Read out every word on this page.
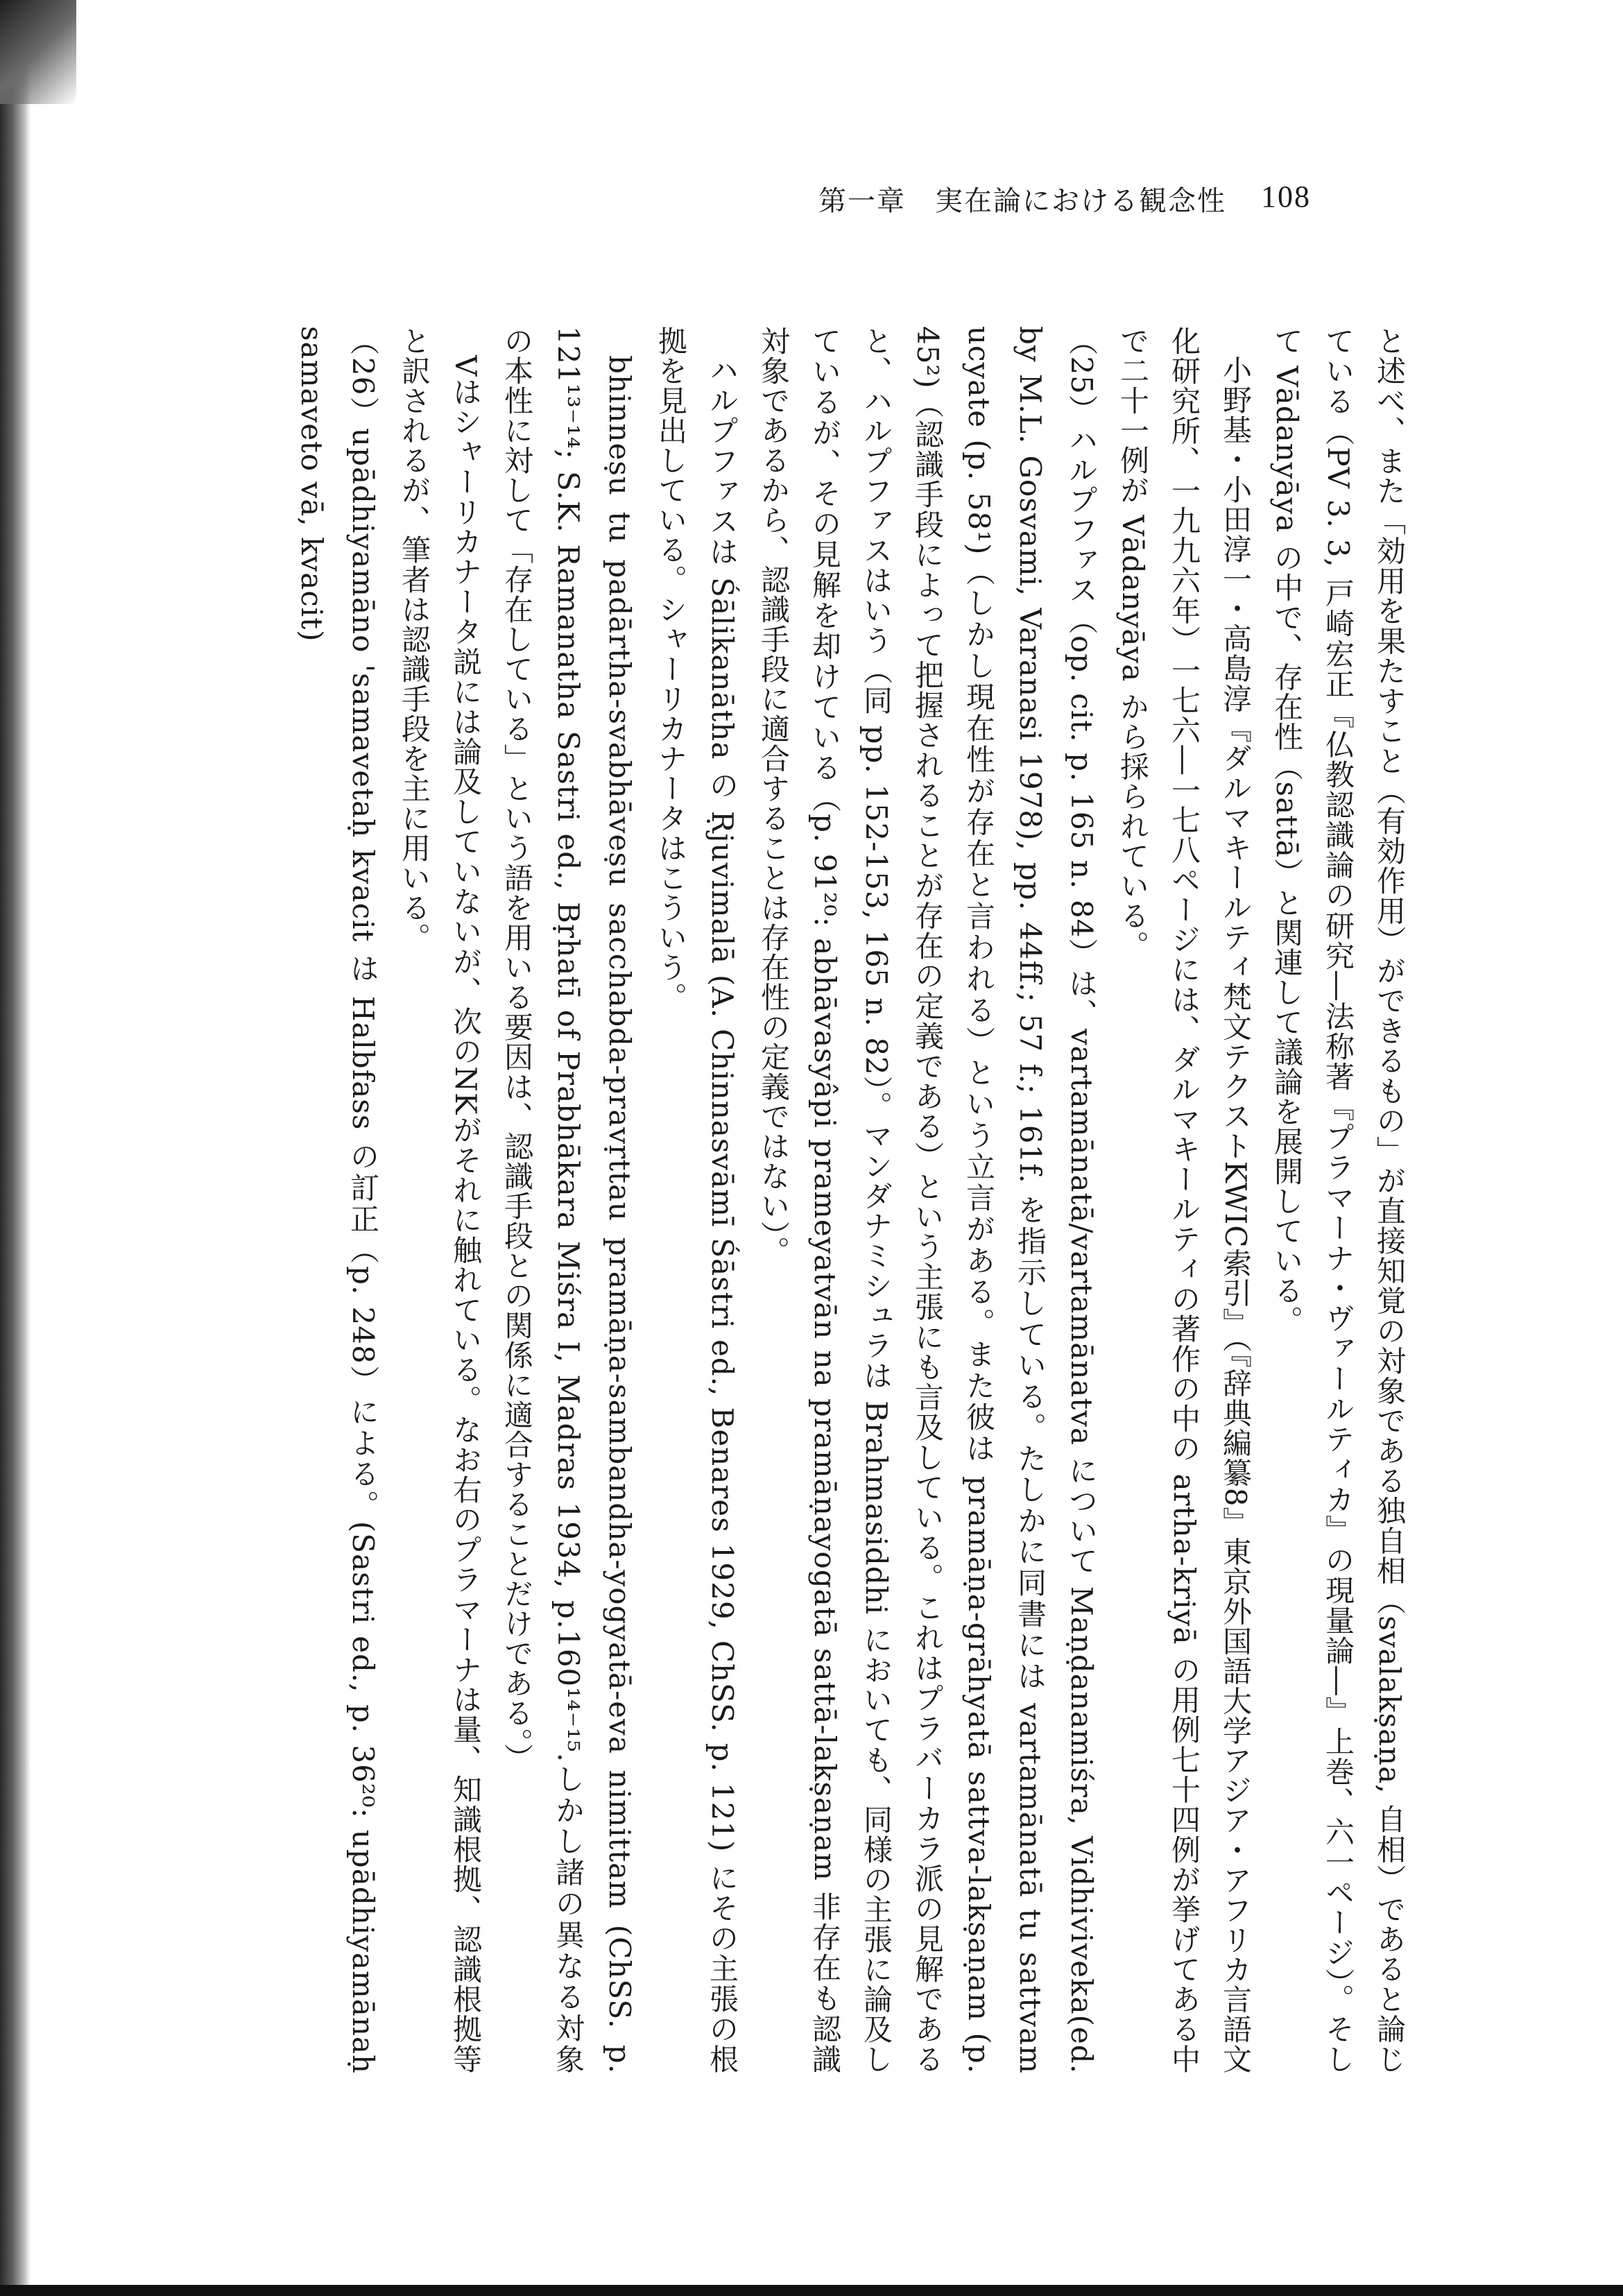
第一章　実在論における観念性 108

と述べ、また「効用を果たすこと（有効作用）ができるもの」が直接知覚の対象である独自相（svalakṣaṇa, 自相）であると論じている（PV 3. 3, 戸崎宏正『仏教認識論の研究―法称著『プラマーナ・ヴァールティカ』の現量論―』上巻、六一ページ）。そして Vādanyāya の中で、存在性（sattā）と関連して議論を展開している。

小野基・小田淳一・高島淳『ダルマキールティ梵文テクストKWIC索引』（『辞典編纂8』東京外国語大学アジア・アフリカ言語文化研究所、一九九六年）一七六―一七八ページには、ダルマキールティの著作の中の artha-kriyā の用例七十四例が挙げてある中で二十一例が Vādanyāya から採られている。

（25）ハルプファス（op. cit. p. 165 n. 84）は、vartamānatā/vartamānatva について Maṇḍanamiśra, Vidhiviveka(ed. by M.L. Gosvami, Varanasi 1978), pp. 44ff.; 57 f.; 161f. を指示している。たしかに同書には vartamānatā tu sattvam ucyate (p. 58¹)（しかし現在性が存在と言われる）という立言がある。また彼は pramāṇa-grāhyatā sattva-lakṣaṇam (p. 45²)（認識手段によって把握されることが存在の定義である）という主張にも言及している。これはプラバーカラ派の見解であると、ハルプファスはいう（同 pp. 152-153, 165 n. 82）。マンダナミシュラは Brahmasiddhi においても、同様の主張に論及しているが、その見解を却けている（p. 91²⁰: abhāvasyâpi prameyatvān na pramāṇayogatā sattā-lakṣaṇam 非存在も認識対象であるから、認識手段に適合することは存在性の定義ではない）。

ハルプファスは Śālikanātha の Ṛjuvimalā (A. Chinnasvāmī Śāstri ed., Benares 1929, ChSS. p. 121) にその主張の根拠を見出している。シャーリカナータはこういう。

bhinneṣu tu padārtha-svabhāveṣu sacchabda-pravṛttau pramāṇa-sambandha-yogyatā-eva nimittam (ChSS. p. 121¹³⁻¹⁴; S.K. Ramanatha Sastri ed., Bṛhatī of Prabhākara Miśra I, Madras 1934, p.160¹⁴⁻¹⁵.しかし諸の異なる対象の本性に対して「存在している」という語を用いる要因は、認識手段との関係に適合することだけである。）

Vはシャーリカナータ説には論及していないが、次のNKがそれに触れている。なお右のプラマーナは量、知識根拠、認識根拠等と訳されるが、筆者は認識手段を主に用いる。

（26）upādhiyamāno 'samavetaḥ kvacit は Halbfass の訂正（p. 248）による。(Sastri ed., p. 36²⁰: upādhiyamānaḥ samaveto vā, kvacit)
